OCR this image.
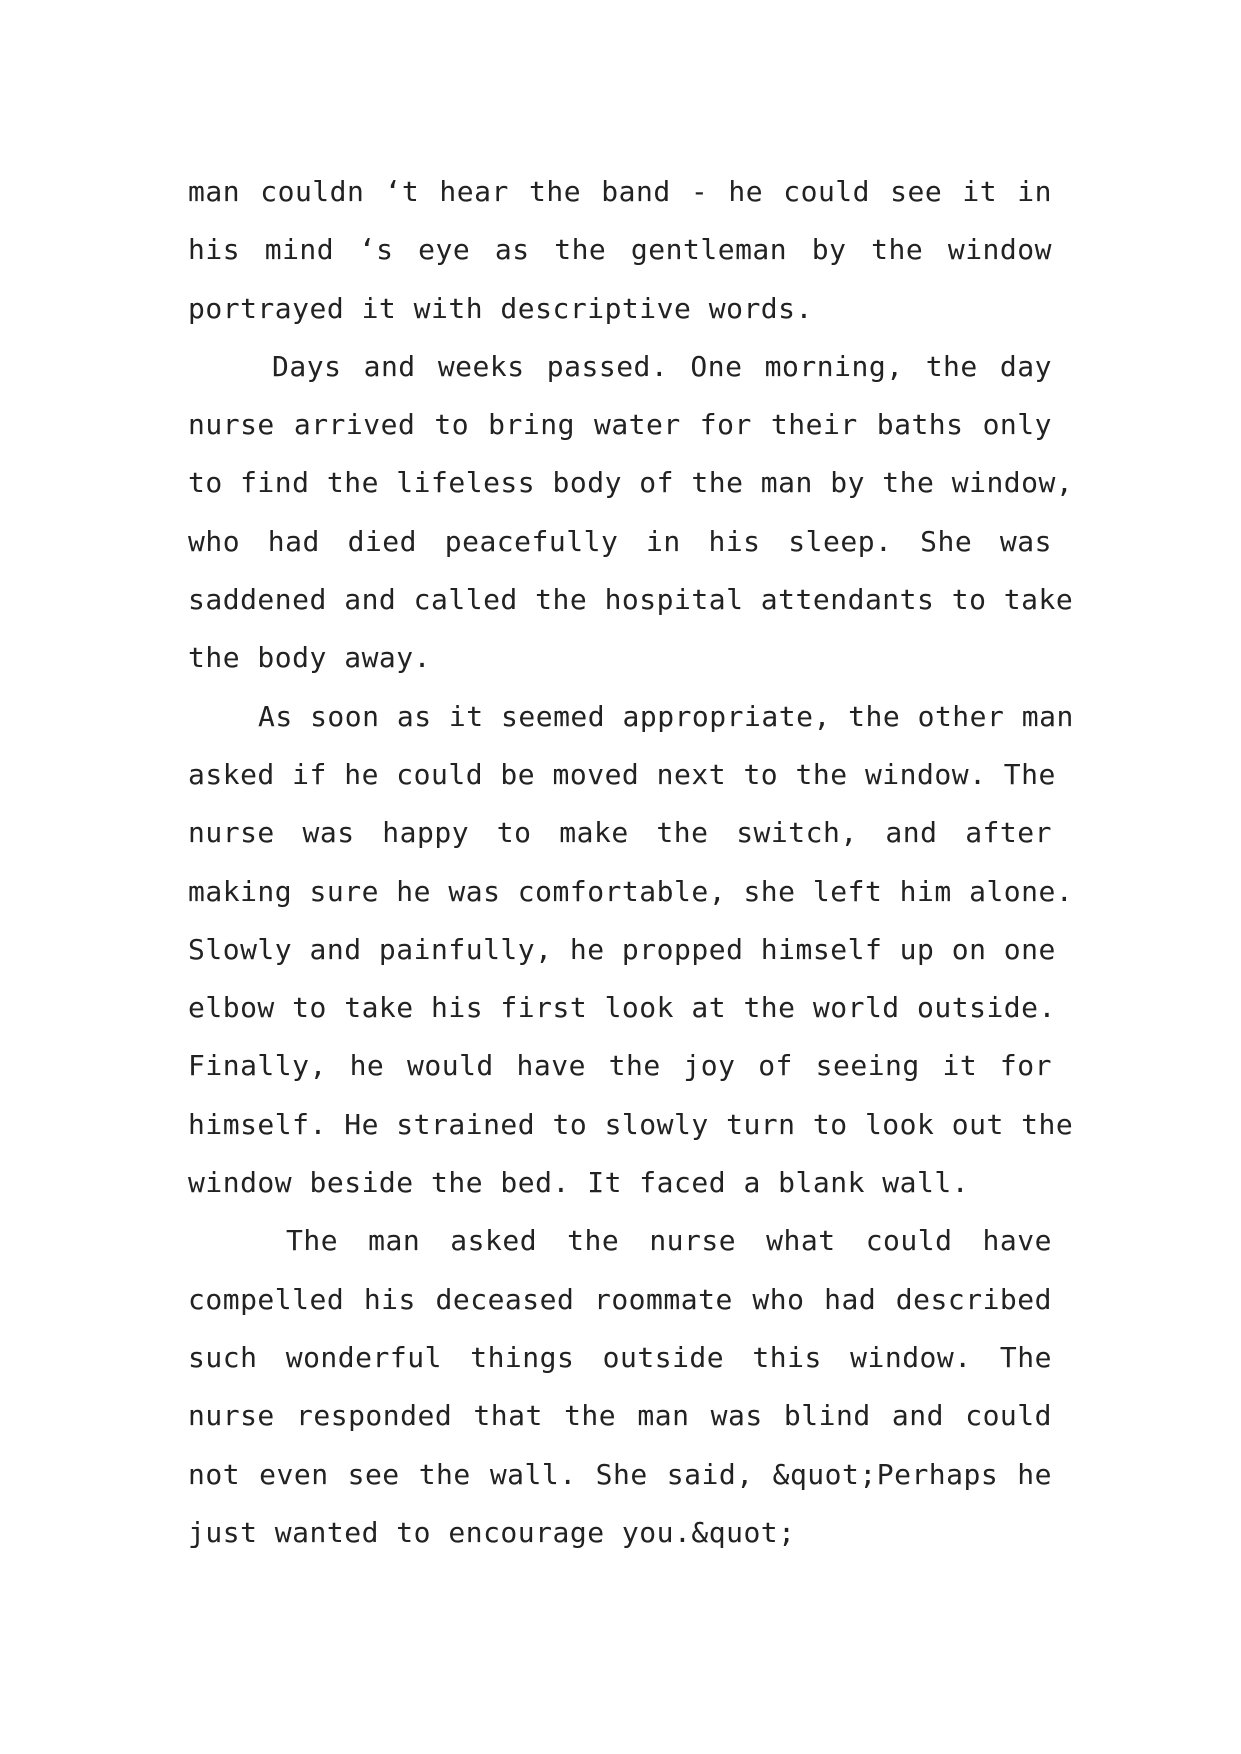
man couldn ‘t hear the band - he could see it in
his mind ‘s eye as the gentleman by the window
portrayed it with descriptive words.
Days and weeks passed. One morning, the day
nurse arrived to bring water for their baths only
to find the lifeless body of the man by the window,
who had died peacefully in his sleep. She was
saddened and called the hospital attendants to take
the body away.
As soon as it seemed appropriate, the other man
asked if he could be moved next to the window. The
nurse was happy to make the switch, and after
making sure he was comfortable, she left him alone.
Slowly and painfully, he propped himself up on one
elbow to take his first look at the world outside.
Finally, he would have the joy of seeing it for
himself. He strained to slowly turn to look out the
window beside the bed. It faced a blank wall.
The man asked the nurse what could have
compelled his deceased roommate who had described
such wonderful things outside this window. The
nurse responded that the man was blind and could
not even see the wall. She said, &quot;Perhaps he
just wanted to encourage you.&quot;
